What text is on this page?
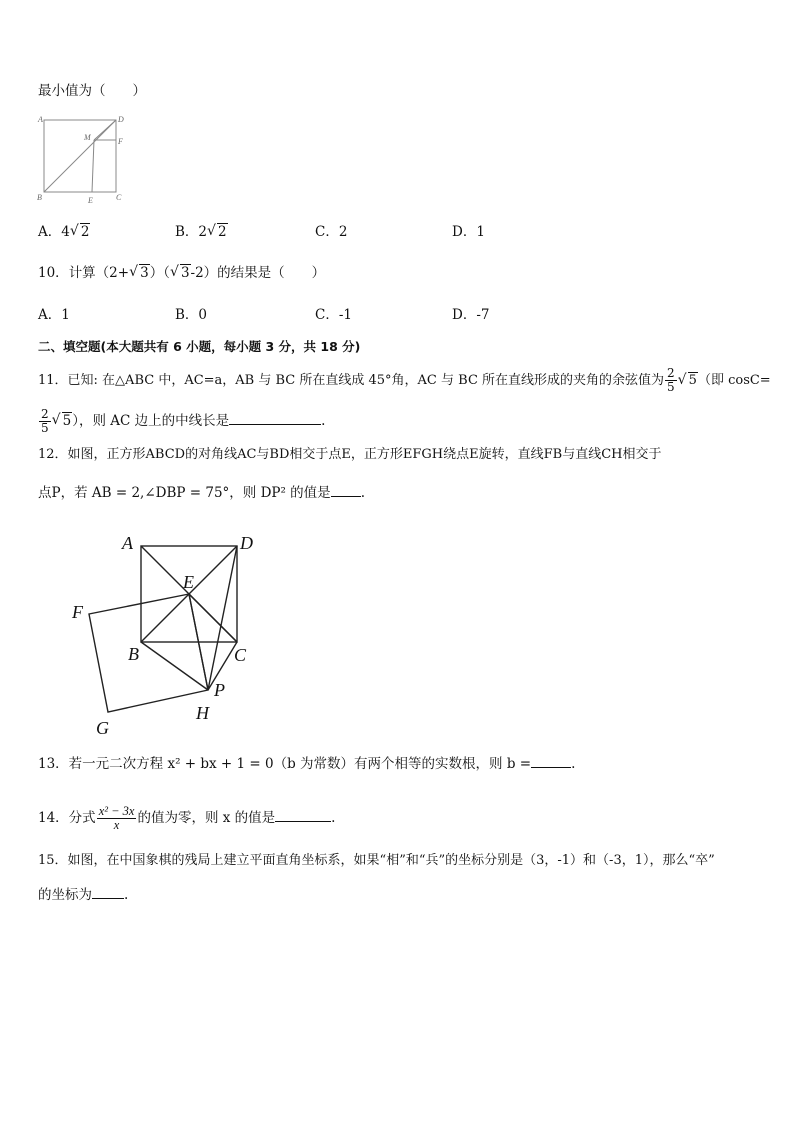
最小值为（　　）
A	D
M	F
B	E	C
A．4 √ 2	B．2 √ 2	C．2	D．1
10．计算（2+ √ 3）（ √ 3-2）的结果是（　　）
A．1	B．0	C．-1	D．-7
二、填空题(本大题共有 6 小题，每小题 3 分，共 18 分)
11．已知: 在△ABC 中，AC=a，AB 与 BC 所在直线成 45°角，AC 与 BC 所在直线形成的夹角的余弦值为 $\frac{2}{5}$ √ 5（即 cosC=
$\frac{2}{5}$ √ 5），则 AC 边上的中线长是	.
12．如图，正方形ABCD的对角线AC与BD相交于点E，正方形EFGH绕点E旋转，直线FB与直线CH相交于
点P，若 AB = 2,∠DBP = 75°，则 DP² 的值是 .
A	D
E
F
B	C
P
H
G
13．若一元二次方程 x² + bx + 1 = 0（b 为常数）有两个相等的实数根，则 b =	.
14．分式 $\frac{\text{x² − 3x}}{x}$ 的值为零，则 x 的值是	.
15．如图，在中国象棋的残局上建立平面直角坐标系，如果“相”和“兵”的坐标分别是（3，-1）和（-3，1），那么“卒”
的坐标为 .
